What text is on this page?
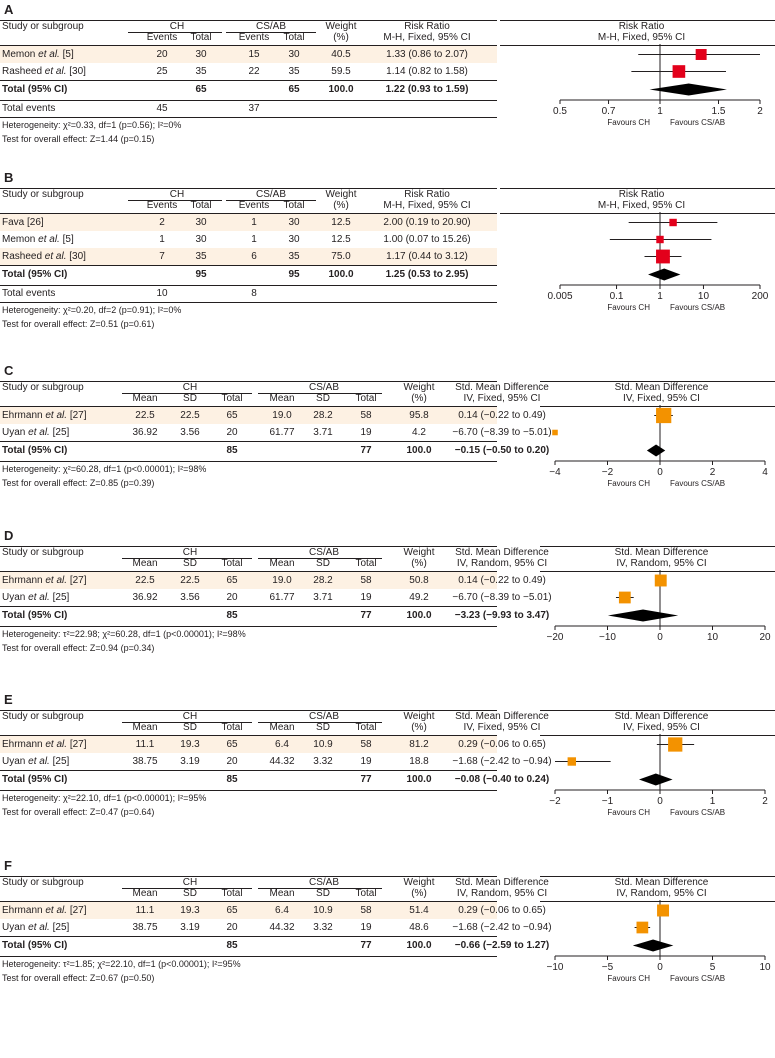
A
Study or subgroup	CH	CS/AB
Events Total	Events Total
Weight
(%)
Risk Ratio
M-H, Fixed, 95% CI
Risk Ratio
M-H, Fixed, 95% CI
Memon et al. [5]	20	30	15	30	40.5	1.33 (0.86 to 2.07)
Rasheed et al. [30]	25	35	22	35	59.5	1.14 (0.82 to 1.58)
Total (95% CI)	65	65	100.0	1.22 (0.93 to 1.59)
Total events	45	37
Heterogeneity: χ²=0.33, df=1 (p=0.56); I²=0%
Test for overall effect: Z=1.44 (p=0.15)
0.5	0.7	1	1.5	2
Favours CH	Favours CS/AB
B
Study or subgroup	CH	CS/AB
Events Total	Events Total
Weight
(%)
Risk Ratio
M-H, Fixed, 95% CI
Risk Ratio
M-H, Fixed, 95% CI
Fava [26]	2	30	1	30	12.5	2.00 (0.19 to 20.90)
Memon et al. [5]	1	30	1	30	12.5	1.00 (0.07 to 15.26)
Rasheed et al. [30]	7	35	6	35	75.0	1.17 (0.44 to 3.12)
Total (95% CI)	95	95	100.0	1.25 (0.53 to 2.95)
Total events	10	8
Heterogeneity: χ²=0.20, df=2 (p=0.91); I²=0%
Test for overall effect: Z=0.51 (p=0.61)
0.005	0.1	1	10	200
Favours CH	Favours CS/AB
C
Study or subgroup	CH	CS/AB
Mean	SD Total	Mean SD	Total
Weight
(%)
Std. Mean Difference
IV, Fixed, 95% CI
Std. Mean Difference
IV, Fixed, 95% CI
Ehrmann et al. [27]	22.5	22.5	65	19.0 28.2	58	95.8	0.14 (−0.22 to 0.49)
Uyan et al. [25]	36.92 3.56	20	61.77 3.71	19	4.2	−6.70 (−8.39 to −5.01)
Total (95% CI)	85	77	100.0 −0.15 (−0.50 to 0.20)
Heterogeneity: χ²=60.28, df=1 (p<0.00001); I²=98%
Test for overall effect: Z=0.85 (p=0.39)
−4	−2	0	2	4
Favours CH	Favours CS/AB
D
Study or subgroup	CH	CS/AB
Mean	SD Total	Mean SD	Total
Weight
(%)
Std. Mean Difference
IV, Random, 95% CI
Std. Mean Difference
IV, Random, 95% CI
Ehrmann et al. [27]	22.5	22.5	65	19.0 28.2	58	50.8	0.14 (−0.22 to 0.49)
Uyan et al. [25]	36.92 3.56	20	61.77 3.71	19	49.2 −6.70 (−8.39 to −5.01)
Total (95% CI)	85	77	100.0 −3.23 (−9.93 to 3.47)
Heterogeneity: τ²=22.98; χ²=60.28, df=1 (p<0.00001); I²=98%
Test for overall effect: Z=0.94 (p=0.34)
−20	−10	0	10	20
E
Study or subgroup	CH	CS/AB
Mean	SD Total	Mean SD	Total
Weight
(%)
Std. Mean Difference
IV, Fixed, 95% CI
Std. Mean Difference
IV, Fixed, 95% CI
Ehrmann et al. [27]	11.1	19.3	65	6.4 10.9	58	81.2	0.29 (−0.06 to 0.65)
Uyan et al. [25]	38.75 3.19	20	44.32 3.32	19	18.8 −1.68 (−2.42 to −0.94)
Total (95% CI)	85	77	100.0 −0.08 (−0.40 to 0.24)
Heterogeneity: χ²=22.10, df=1 (p<0.00001); I²=95%
Test for overall effect: Z=0.47 (p=0.64)
−2	−1	0	1	2
Favours CH	Favours CS/AB
F
Study or subgroup	CH	CS/AB
Mean	SD Total	Mean SD	Total
Weight
(%)
Std. Mean Difference
IV, Random, 95% CI
Std. Mean Difference
IV, Random, 95% CI
Ehrmann et al. [27]	11.1	19.3	65	6.4 10.9	58	51.4	0.29 (−0.06 to 0.65)
Uyan et al. [25]	38.75 3.19	20	44.32 3.32	19	48.6 −1.68 (−2.42 to −0.94)
Total (95% CI)	85	77	100.0 −0.66 (−2.59 to 1.27)
Heterogeneity: τ²=1.85; χ²=22.10, df=1 (p<0.00001); I²=95%
Test for overall effect: Z=0.67 (p=0.50)
−10	−5	0	5	10
Favours CH	Favours CS/AB
